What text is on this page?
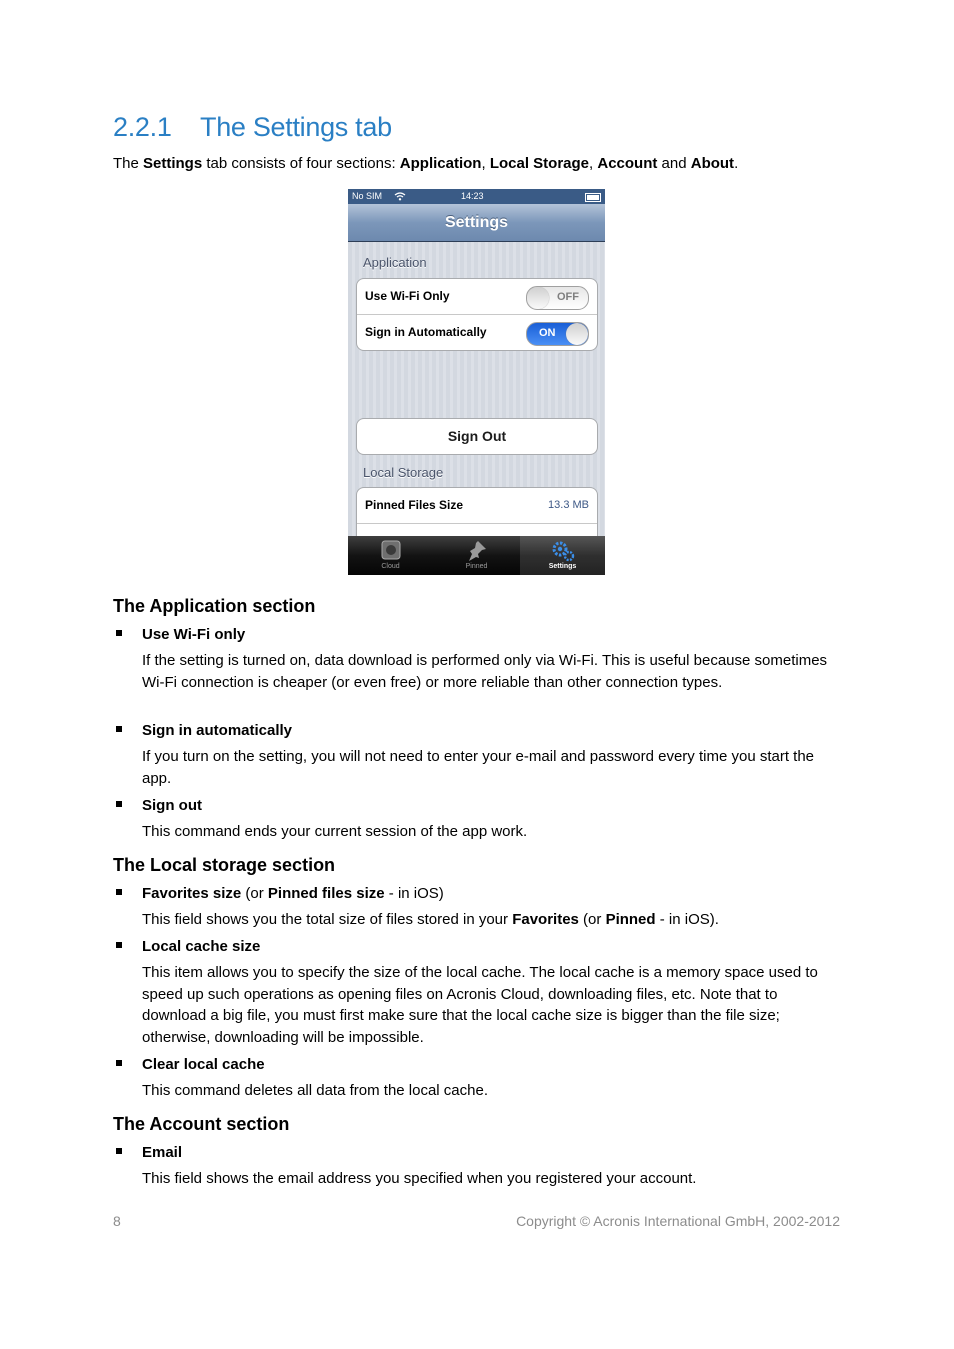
2.2.1 The Settings tab
The Settings tab consists of four sections: Application, Local Storage, Account and About.
No SIM	14:23
Settings
Application
Use Wi-Fi Only	OFF
Sign in Automatically	ON
Sign Out
Local Storage
Pinned Files Size	13.3 MB
Cloud	Pinned	Settings
The Application section
Use Wi-Fi only
If the setting is turned on, data download is performed only via Wi-Fi. This is useful because sometimes Wi-Fi connection is cheaper (or even free) or more reliable than other connection types.
Sign in automatically
If you turn on the setting, you will not need to enter your e-mail and password every time you start the app.
Sign out
This command ends your current session of the app work.
The Local storage section
Favorites size (or Pinned files size - in iOS)
This field shows you the total size of files stored in your Favorites (or Pinned - in iOS).
Local cache size
This item allows you to specify the size of the local cache. The local cache is a memory space used to speed up such operations as opening files on Acronis Cloud, downloading files, etc. Note that to download a big file, you must first make sure that the local cache size is bigger than the file size; otherwise, downloading will be impossible.
Clear local cache
This command deletes all data from the local cache.
The Account section
Email
This field shows the email address you specified when you registered your account.
8	Copyright © Acronis International GmbH, 2002-2012
